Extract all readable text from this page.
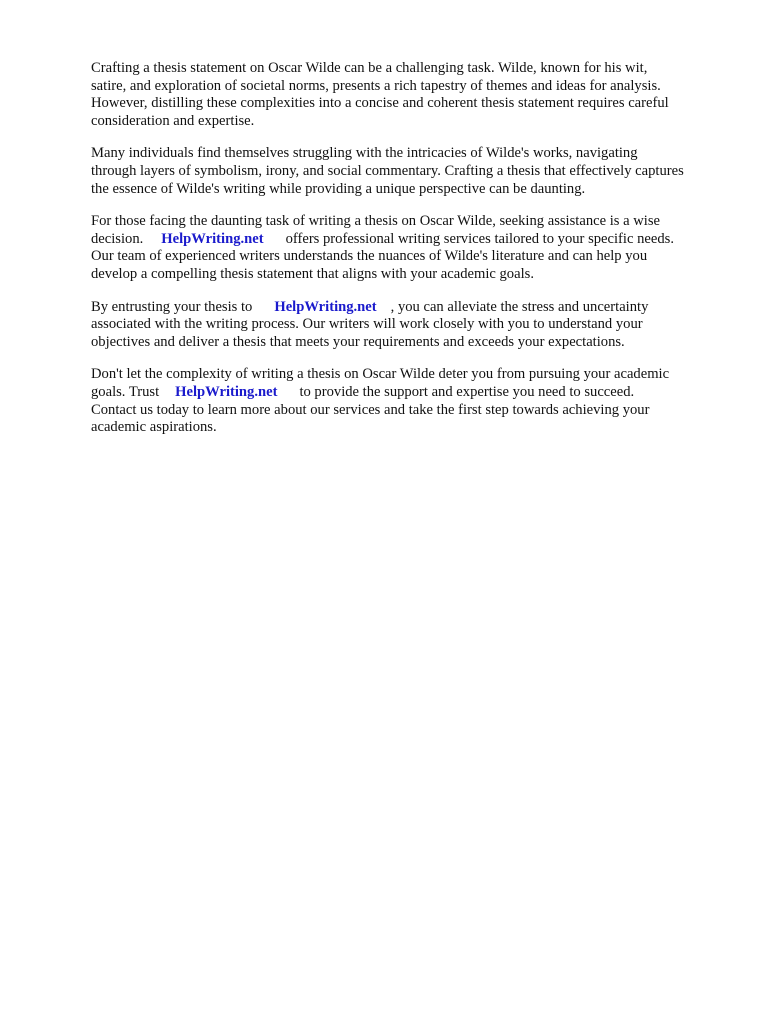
Crafting a thesis statement on Oscar Wilde can be a challenging task. Wilde, known for his wit,
satire, and exploration of societal norms, presents a rich tapestry of themes and ideas for analysis.
However, distilling these complexities into a concise and coherent thesis statement requires careful
consideration and expertise.

Many individuals find themselves struggling with the intricacies of Wilde's works, navigating
through layers of symbolism, irony, and social commentary. Crafting a thesis that effectively captures
the essence of Wilde's writing while providing a unique perspective can be daunting.

For those facing the daunting task of writing a thesis on Oscar Wilde, seeking assistance is a wise
decision. HelpWriting.net offers professional writing services tailored to your specific needs.
Our team of experienced writers understands the nuances of Wilde's literature and can help you
develop a compelling thesis statement that aligns with your academic goals.

By entrusting your thesis to HelpWriting.net , you can alleviate the stress and uncertainty
associated with the writing process. Our writers will work closely with you to understand your
objectives and deliver a thesis that meets your requirements and exceeds your expectations.

Don't let the complexity of writing a thesis on Oscar Wilde deter you from pursuing your academic
goals. Trust HelpWriting.net to provide the support and expertise you need to succeed.
Contact us today to learn more about our services and take the first step towards achieving your
academic aspirations.
